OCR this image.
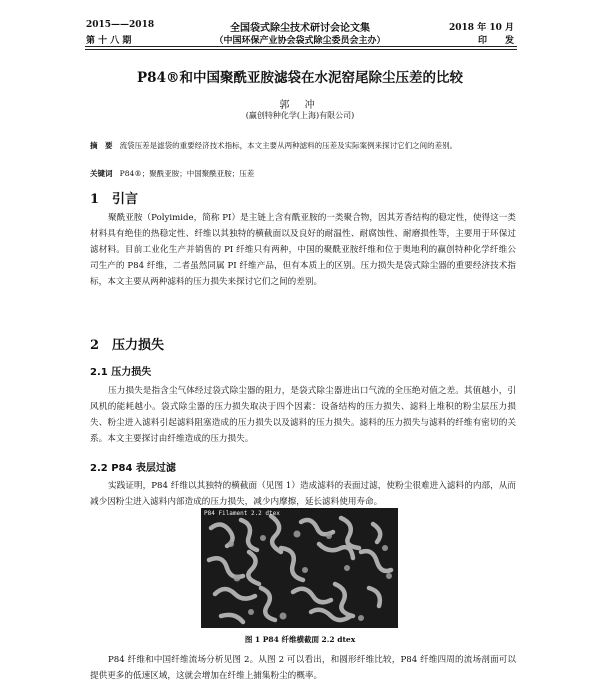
2015——2018
第 十 八 期
全国袋式除尘技术研讨会论文集
（中国环保产业协会袋式除尘委员会主办）
2018 年 10 月
印　　发
P84®和中国聚酰亚胺滤袋在水泥窑尾除尘压差的比较
郭 冲
(赢创特种化学(上海)有限公司)
摘　要 流袋压差是滤袋的重要经济技术指标，本文主要从两种滤料的压差及实际案例来探讨它们之间的差别。
关键词 P84®；聚酰亚胺；中国聚酰亚胺；压差
1　引言
聚酰亚胺（Polyimide，简称 PI）是主链上含有酰亚胺的一类聚合物，因其芳香结构的稳定性，使得这一类材料具有绝佳的热稳定性、纤维以其独特的横截面以及良好的耐温性、耐腐蚀性、耐磨损性等，主要用于环保过滤材料。目前工业化生产并销售的 PI 纤维只有两种，中国的聚酰亚胺纤维和位于奥地利的赢创特种化学纤维公司生产的 P84 纤维，二者虽然同属 PI 纤维产品，但有本质上的区别。压力损失是袋式除尘器的重要经济技术指标，本文主要从两种滤料的压力损失来探讨它们之间的差别。
2　压力损失
2.1 压力损失
压力损失是指含尘气体经过袋式除尘器的阻力，是袋式除尘器进出口气流的全压绝对值之差。其值越小，引风机的能耗越小。袋式除尘器的压力损失取决于四个因素：设备结构的压力损失、滤料上堆积的粉尘层压力损失、粉尘进入滤料引起滤料阻塞造成的压力损失以及滤料的压力损失。滤料的压力损失与滤料的纤维有密切的关系。本文主要探讨由纤维造成的压力损失。
2.2 P84 表层过滤
实践证明，P84 纤维以其独特的横截面（见图 1）造成滤料的表面过滤，使粉尘很难进入滤料的内部，从而减少因粉尘进入滤料内部造成的压力损失，减少内摩擦，延长滤料使用寿命。
P84 Filament 2.2 dtex
图 1 P84 纤维横截面 2.2 dtex
P84 纤维和中国纤维流场分析见图 2。从图 2 可以看出，和圆形纤维比较，P84 纤维四周的流场剖面可以提供更多的低速区域，这就会增加在纤维上捕集粉尘的概率。
